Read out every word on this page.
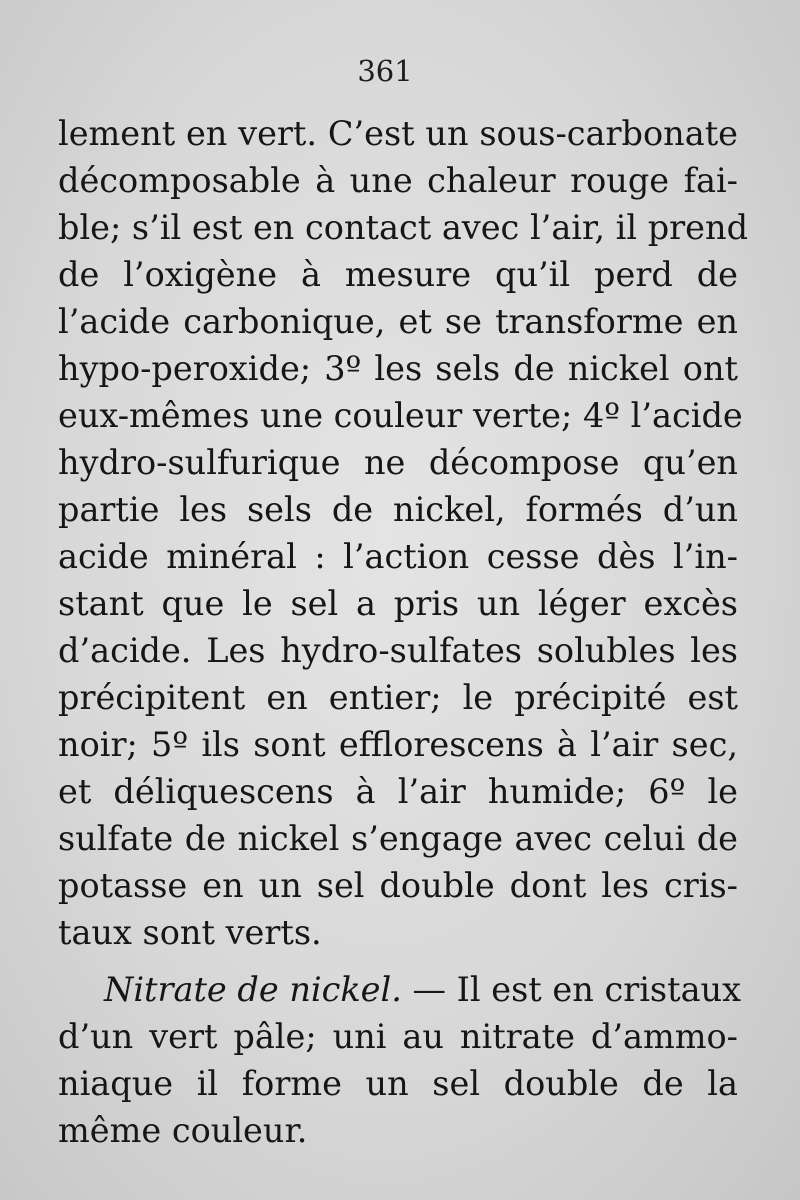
361
lement en vert. C’est un sous-carbonate
décomposable à une chaleur rouge fai-
ble; s’il est en contact avec l’air, il prend
de l’oxigène à mesure qu’il perd de
l’acide carbonique, et se transforme en
hypo-peroxide; 3º les sels de nickel ont
eux-mêmes une couleur verte; 4º l’acide
hydro-sulfurique ne décompose qu’en
partie les sels de nickel, formés d’un
acide minéral : l’action cesse dès l’in-
stant que le sel a pris un léger excès
d’acide. Les hydro-sulfates solubles les
précipitent en entier; le précipité est
noir; 5º ils sont efflorescens à l’air sec,
et déliquescens à l’air humide; 6º le
sulfate de nickel s’engage avec celui de
potasse en un sel double dont les cris-
taux sont verts.
Nitrate de nickel. — Il est en cristaux
d’un vert pâle; uni au nitrate d’ammo-
niaque il forme un sel double de la
même couleur.
